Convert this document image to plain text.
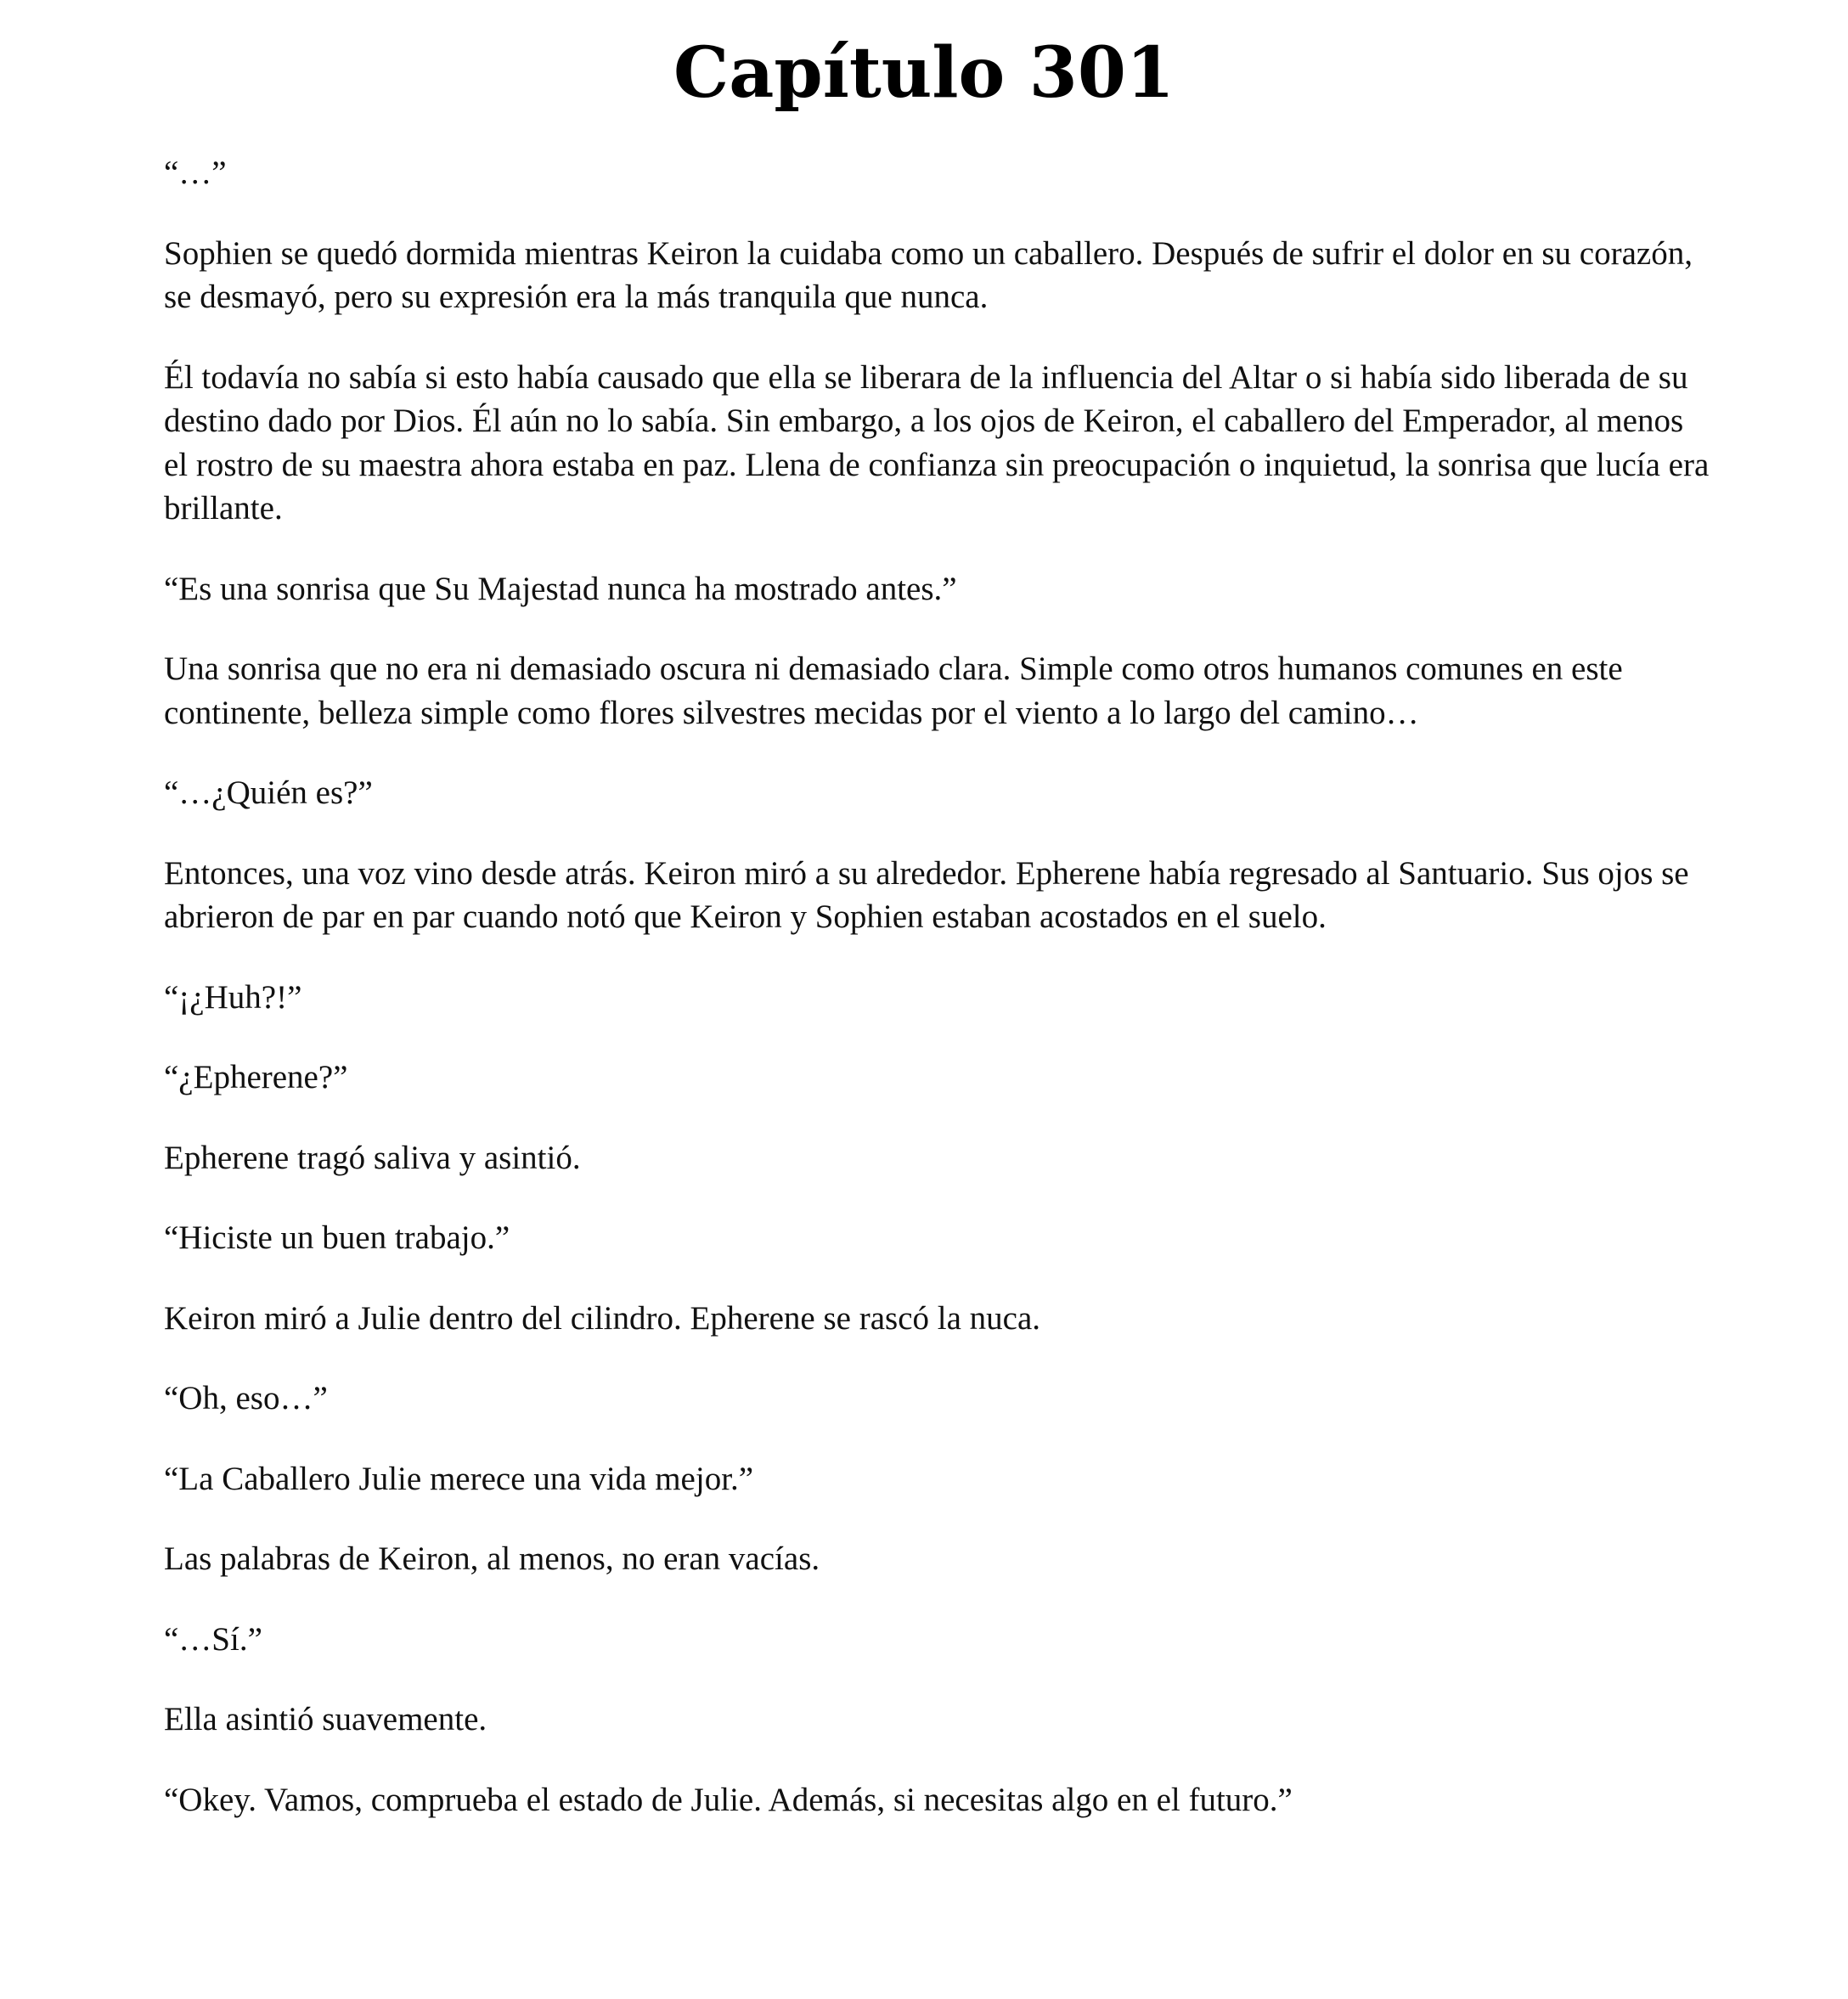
Capítulo 301

“…”

Sophien se quedó dormida mientras Keiron la cuidaba como un caballero. Después de sufrir el dolor en su corazón, se desmayó, pero su expresión era la más tranquila que nunca.

Él todavía no sabía si esto había causado que ella se liberara de la influencia del Altar o si había sido liberada de su destino dado por Dios. Él aún no lo sabía. Sin embargo, a los ojos de Keiron, el caballero del Emperador, al menos el rostro de su maestra ahora estaba en paz. Llena de confianza sin preocupación o inquietud, la sonrisa que lucía era brillante.

“Es una sonrisa que Su Majestad nunca ha mostrado antes.”

Una sonrisa que no era ni demasiado oscura ni demasiado clara. Simple como otros humanos comunes en este continente, belleza simple como flores silvestres mecidas por el viento a lo largo del camino…

“…¿Quién es?”

Entonces, una voz vino desde atrás. Keiron miró a su alrededor. Epherene había regresado al Santuario. Sus ojos se abrieron de par en par cuando notó que Keiron y Sophien estaban acostados en el suelo.

“¡¿Huh?!”

“¿Epherene?”

Epherene tragó saliva y asintió.

“Hiciste un buen trabajo.”

Keiron miró a Julie dentro del cilindro. Epherene se rascó la nuca.

“Oh, eso…”

“La Caballero Julie merece una vida mejor.”

Las palabras de Keiron, al menos, no eran vacías.

“…Sí.”

Ella asintió suavemente.

“Okey. Vamos, comprueba el estado de Julie. Además, si necesitas algo en el futuro.”
